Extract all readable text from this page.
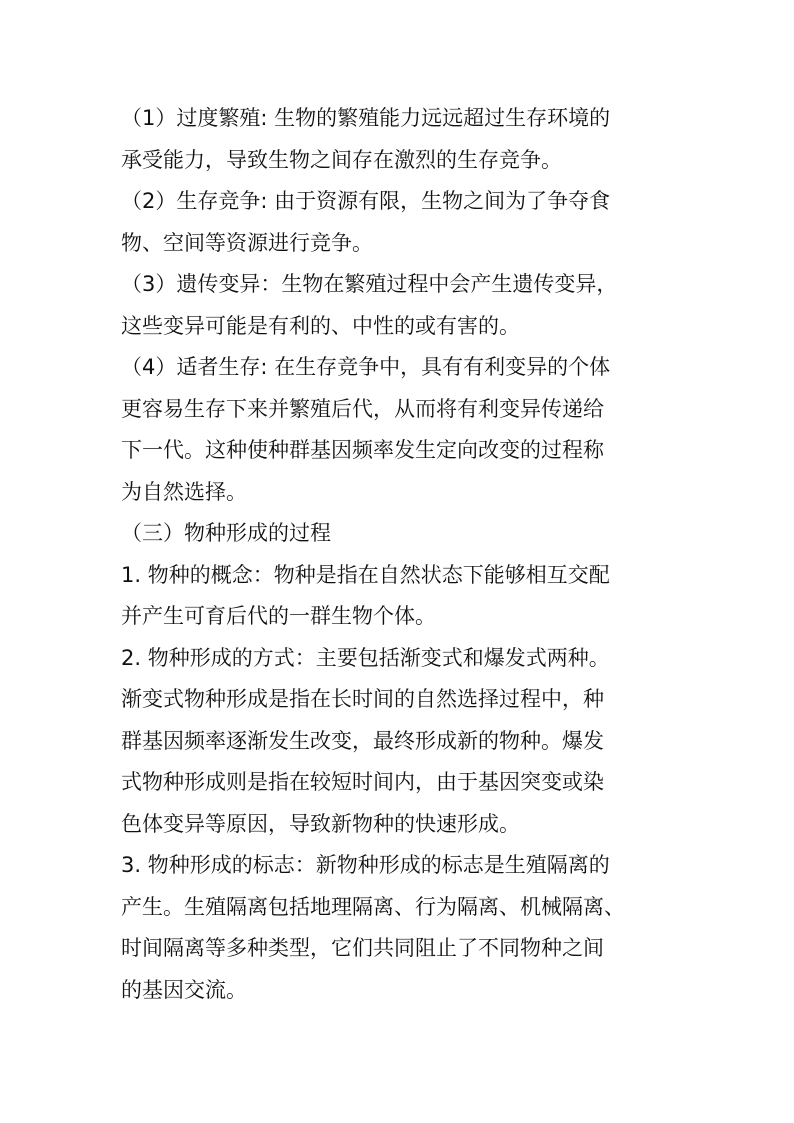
（1）过度繁殖: 生物的繁殖能力远远超过生存环境的
承受能力，导致生物之间存在激烈的生存竞争。
（2）生存竞争: 由于资源有限，生物之间为了争夺食
物、空间等资源进行竞争。
（3）遗传变异：生物在繁殖过程中会产生遗传变异，
这些变异可能是有利的、中性的或有害的。
（4）适者生存: 在生存竞争中，具有有利变异的个体
更容易生存下来并繁殖后代，从而将有利变异传递给
下一代。这种使种群基因频率发生定向改变的过程称
为自然选择。
（三）物种形成的过程
1. 物种的概念：物种是指在自然状态下能够相互交配
并产生可育后代的一群生物个体。
2. 物种形成的方式：主要包括渐变式和爆发式两种。
渐变式物种形成是指在长时间的自然选择过程中，种
群基因频率逐渐发生改变，最终形成新的物种。爆发
式物种形成则是指在较短时间内，由于基因突变或染
色体变异等原因，导致新物种的快速形成。
3. 物种形成的标志：新物种形成的标志是生殖隔离的
产生。生殖隔离包括地理隔离、行为隔离、机械隔离、
时间隔离等多种类型，它们共同阻止了不同物种之间
的基因交流。
